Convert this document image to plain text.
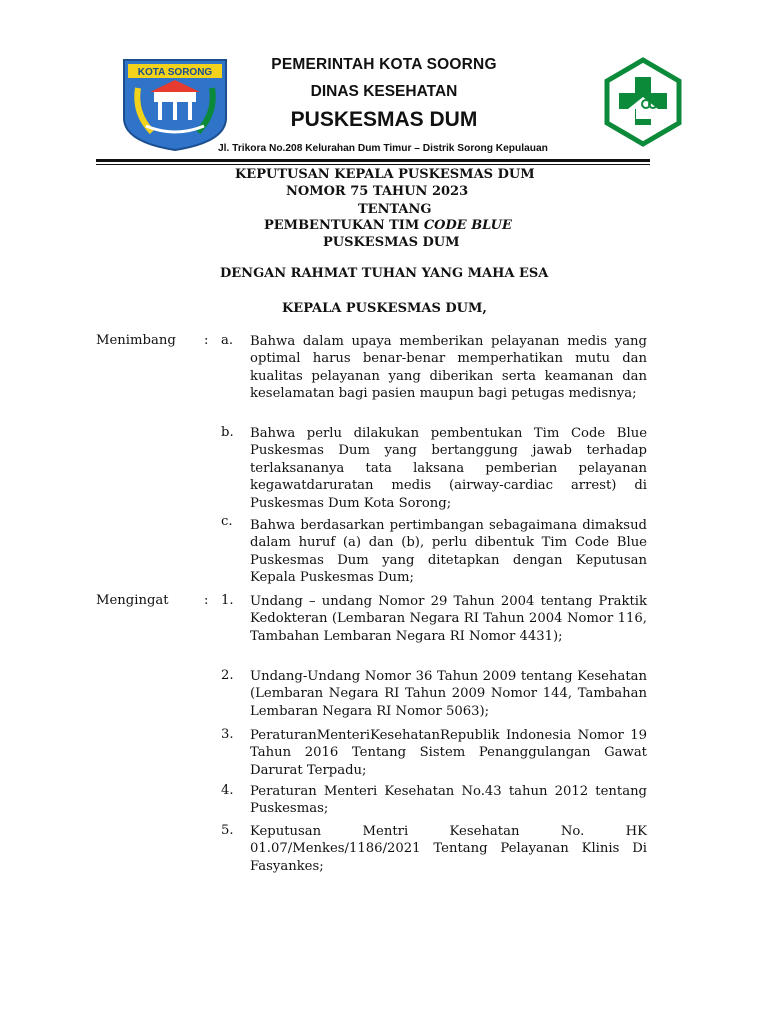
KOTA SORONG	PEMERINTAH KOTA SOORNG
DINAS KESEHATAN
PUSKESMAS DUM
Jl. Trikora No.208 Kelurahan Dum Timur – Distrik Sorong Kepulauan
KEPUTUSAN KEPALA PUSKESMAS DUM
NOMOR 75 TAHUN 2023
TENTANG
PEMBENTUKAN TIM CODE BLUE
PUSKESMAS DUM
DENGAN RAHMAT TUHAN YANG MAHA ESA
KEPALA PUSKESMAS DUM,
Menimbang : a. Bahwa dalam upaya memberikan pelayanan medis yang optimal harus benar-benar memperhatikan mutu dan kualitas pelayanan yang diberikan serta keamanan dan keselamatan bagi pasien maupun bagi petugas medisnya;
b. Bahwa perlu dilakukan pembentukan Tim Code Blue Puskesmas Dum yang bertanggung jawab terhadap terlaksananya tata laksana pemberian pelayanan kegawatdaruratan medis (airway-cardiac arrest) di Puskesmas Dum Kota Sorong;
c. Bahwa berdasarkan pertimbangan sebagaimana dimaksud dalam huruf (a) dan (b), perlu dibentuk Tim Code Blue Puskesmas Dum yang ditetapkan dengan Keputusan Kepala Puskesmas Dum;
Mengingat	: 1. Undang – undang Nomor 29 Tahun 2004 tentang Praktik Kedokteran (Lembaran Negara RI Tahun 2004 Nomor 116, Tambahan Lembaran Negara RI Nomor 4431);
2. Undang-Undang Nomor 36 Tahun 2009 tentang Kesehatan (Lembaran Negara RI Tahun 2009 Nomor 144, Tambahan Lembaran Negara RI Nomor 5063);
3. PeraturanMenteriKesehatanRepublik Indonesia Nomor 19 Tahun 2016 Tentang Sistem Penanggulangan Gawat Darurat Terpadu;
4. Peraturan Menteri Kesehatan No.43 tahun 2012 tentang Puskesmas;
5. Keputusan Mentri Kesehatan No. HK 01.07/Menkes/1186/2021 Tentang Pelayanan Klinis Di Fasyankes;
